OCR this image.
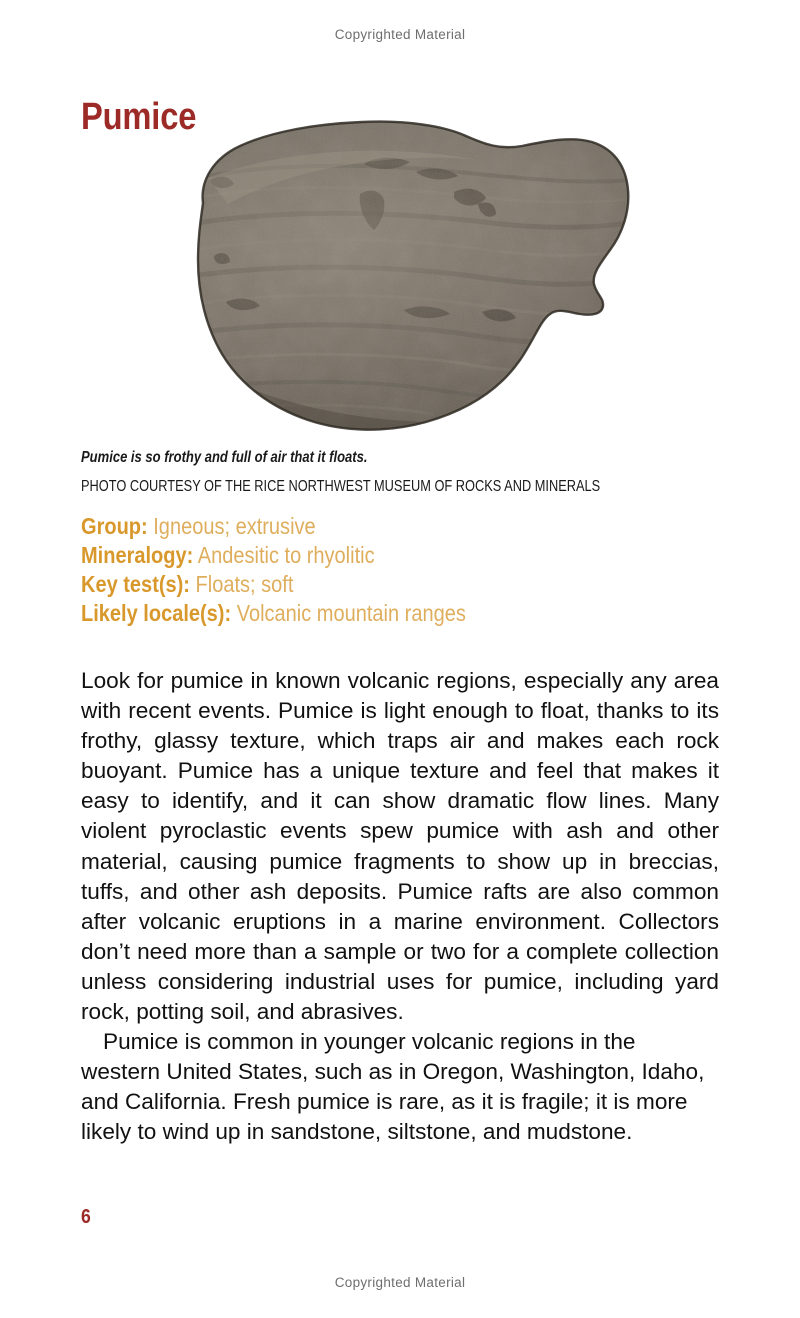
Copyrighted Material
Pumice
Pumice is so frothy and full of air that it floats.
PHOTO COURTESY OF THE RICE NORTHWEST MUSEUM OF ROCKS AND MINERALS
Group: Igneous; extrusive
Mineralogy: Andesitic to rhyolitic
Key test(s): Floats; soft
Likely locale(s): Volcanic mountain ranges

Look for pumice in known volcanic regions, especially any area with recent events. Pumice is light enough to float, thanks to its frothy, glassy texture, which traps air and makes each rock buoyant. Pumice has a unique texture and feel that makes it easy to identify, and it can show dramatic flow lines. Many violent pyroclastic events spew pumice with ash and other material, causing pumice fragments to show up in breccias, tuffs, and other ash deposits. Pumice rafts are also common after volcanic eruptions in a marine environment. Collectors don’t need more than a sample or two for a complete collection unless considering industrial uses for pumice, including yard rock, potting soil, and abrasives.

Pumice is common in younger volcanic regions in the western United States, such as in Oregon, Washington, Idaho, and California. Fresh pumice is rare, as it is fragile; it is more likely to wind up in sandstone, siltstone, and mudstone.

6
Copyrighted Material
